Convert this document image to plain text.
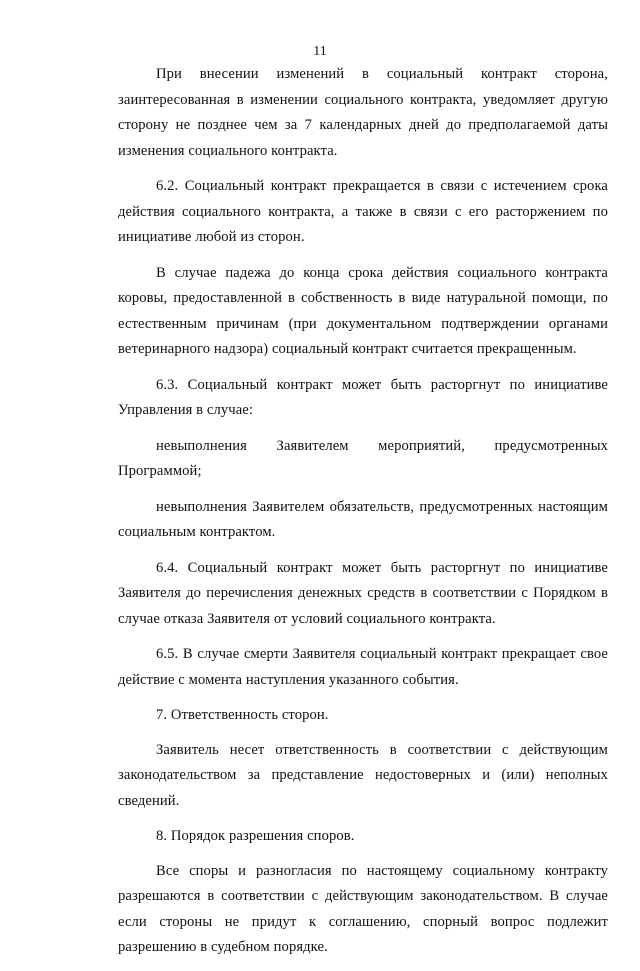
11

При внесении изменений в социальный контракт сторона, заинтересованная в изменении социального контракта, уведомляет другую сторону не позднее чем за 7 календарных дней до предполагаемой даты изменения социального контракта.

6.2. Социальный контракт прекращается в связи с истечением срока действия социального контракта, а также в связи с его расторжением по инициативе любой из сторон.

В случае падежа до конца срока действия социального контракта коровы, предоставленной в собственность в виде натуральной помощи, по естественным причинам (при документальном подтверждении органами ветеринарного надзора) социальный контракт считается прекращенным.

6.3. Социальный контракт может быть расторгнут по инициативе Управления в случае:

невыполнения Заявителем мероприятий, предусмотренных Программой;

невыполнения Заявителем обязательств, предусмотренных настоящим социальным контрактом.

6.4. Социальный контракт может быть расторгнут по инициативе Заявителя до перечисления денежных средств в соответствии с Порядком в случае отказа Заявителя от условий социального контракта.

6.5. В случае смерти Заявителя социальный контракт прекращает свое действие с момента наступления указанного события.

7. Ответственность сторон.

Заявитель несет ответственность в соответствии с действующим законодательством за представление недостоверных и (или) неполных сведений.

8. Порядок разрешения споров.

Все споры и разногласия по настоящему социальному контракту разрешаются в соответствии с действующим законодательством. В случае если стороны не придут к соглашению, спорный вопрос подлежит разрешению в судебном порядке.
